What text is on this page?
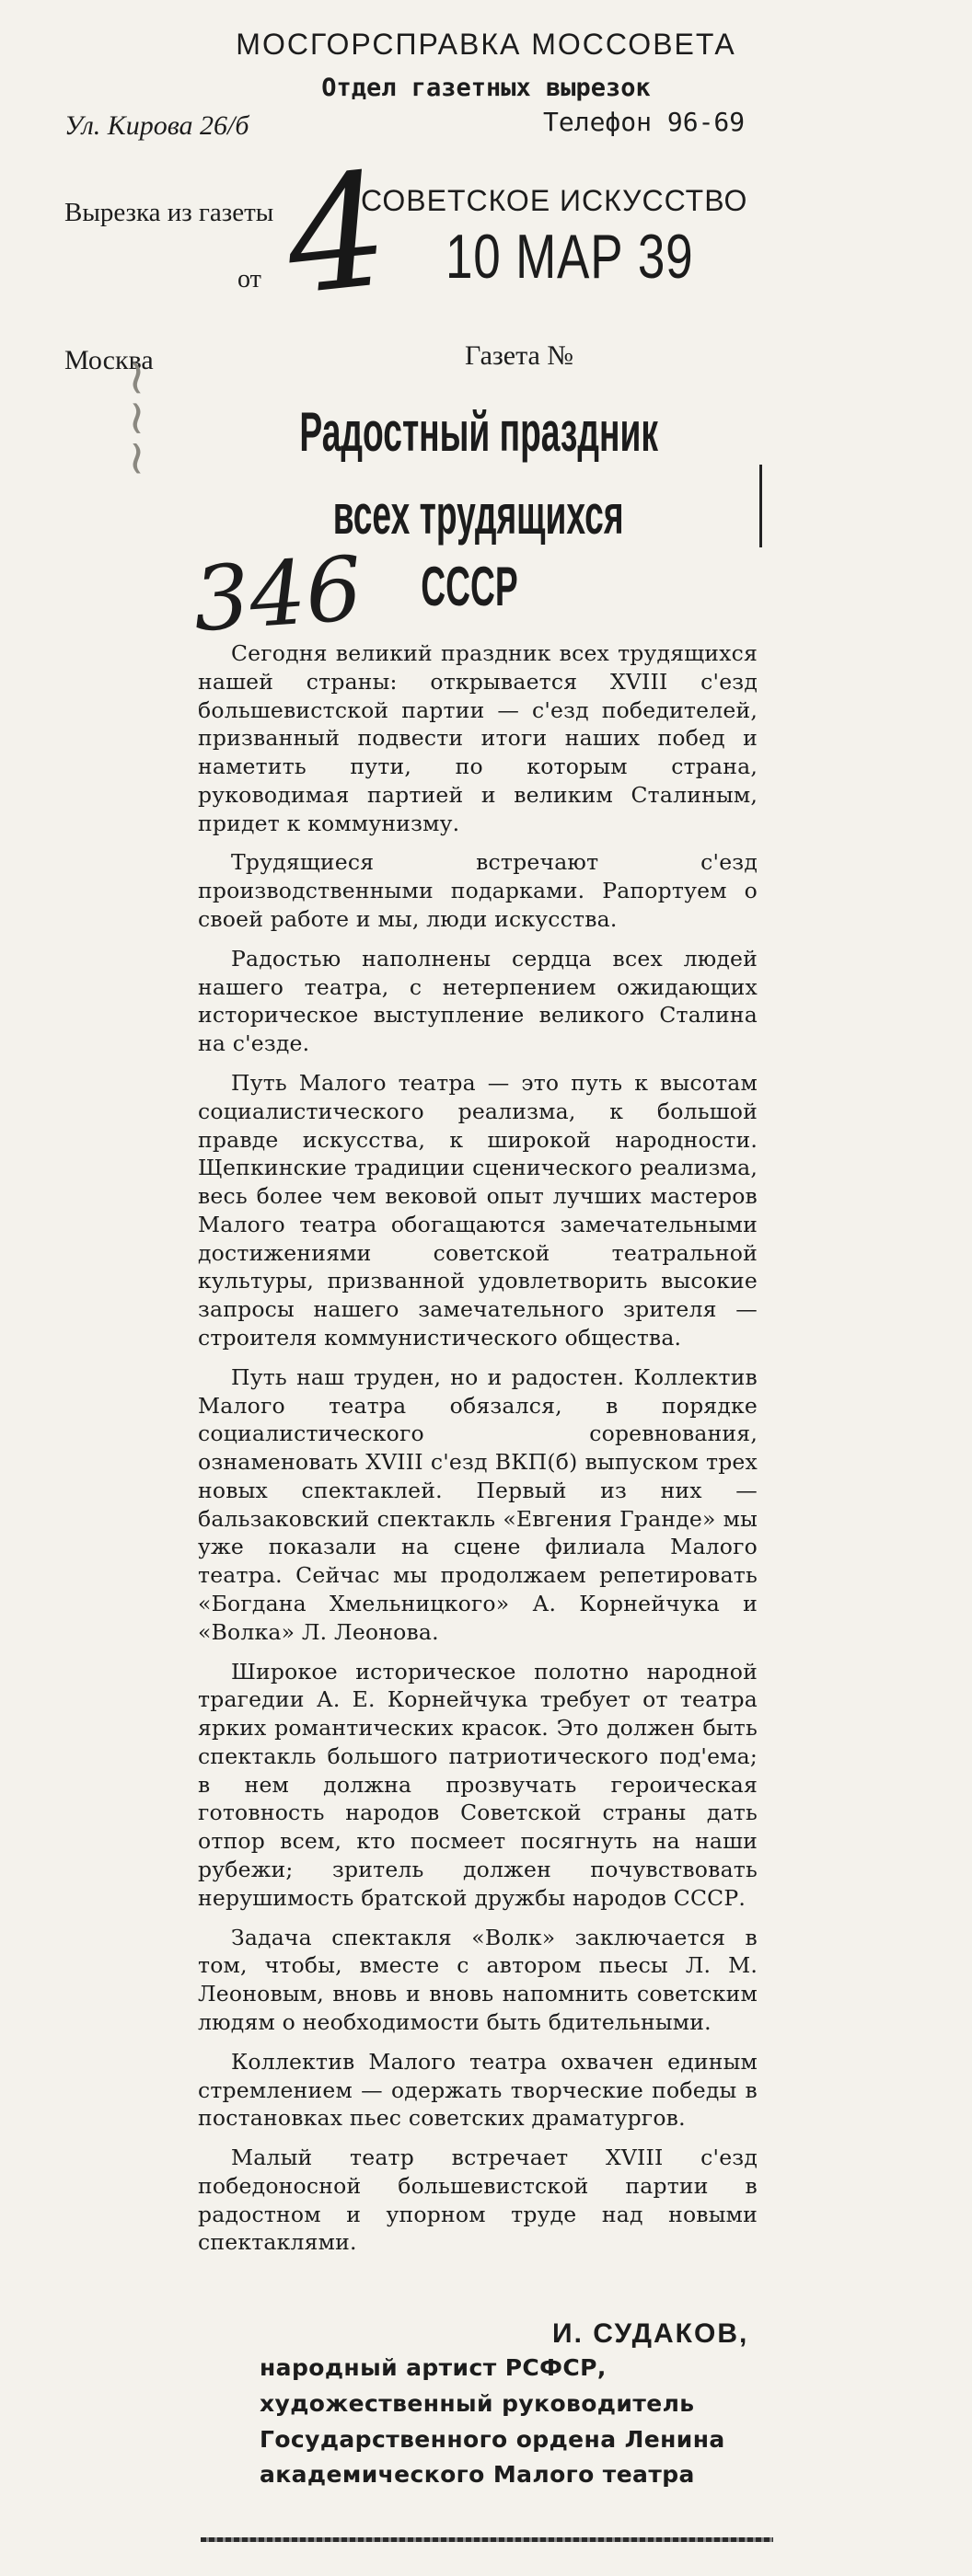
МОСГОРСПРАВКА МОССОВЕТА
Отдел газетных вырезок
Ул. Кирова 26/б	Телефон 96-69
Вырезка из газеты	СОВЕТСКОЕ ИСКУССТВО
от 4 10 МАР 39
Москва	Газета №
~~~	Радостный праздник
всех трудящихся
СССР
346

Сегодня великий праздник всех трудящихся нашей страны: открывается XVIII с'езд большевистской партии — с'езд победителей, призванный подвести итоги наших побед и наметить пути, по которым страна, руководимая партией и великим Сталиным, придет к коммунизму.

Трудящиеся встречают с'езд производственными подарками. Рапортуем о своей работе и мы, люди искусства.

Радостью наполнены сердца всех людей нашего театра, с нетерпением ожидающих историческое выступление великого Сталина на с'езде.

Путь Малого театра — это путь к высотам социалистического реализма, к большой правде искусства, к широкой народности. Щепкинские традиции сценического реализма, весь более чем вековой опыт лучших мастеров Малого театра обогащаются замечательными достижениями советской театральной культуры, призванной удовлетворить высокие запросы нашего замечательного зрителя — строителя коммунистического общества.

Путь наш труден, но и радостен. Коллектив Малого театра обязался, в порядке социалистического соревнования, ознаменовать XVIII с'езд ВКП(б) выпуском трех новых спектаклей. Первый из них — бальзаковский спектакль «Евгения Гранде» мы уже показали на сцене филиала Малого театра. Сейчас мы продолжаем репетировать «Богдана Хмельницкого» А. Корнейчука и «Волка» Л. Леонова.

Широкое историческое полотно народной трагедии А. Е. Корнейчука требует от театра ярких романтических красок. Это должен быть спектакль большого патриотического под'ема; в нем должна прозвучать героическая готовность народов Советской страны дать отпор всем, кто посмеет посягнуть на наши рубежи; зритель должен почувствовать нерушимость братской дружбы народов СССР.

Задача спектакля «Волк» заключается в том, чтобы, вместе с автором пьесы Л. М. Леоновым, вновь и вновь напомнить советским людям о необходимости быть бдительными.

Коллектив Малого театра охвачен единым стремлением — одержать творческие победы в постановках пьес советских драматургов.

Малый театр встречает XVIII с'езд победоносной большевистской партии в радостном и упорном труде над новыми спектаклями.

И. СУДАКОВ,
народный артист РСФСР, художественный руководитель Государственного ордена Ленина академического Малого театра
